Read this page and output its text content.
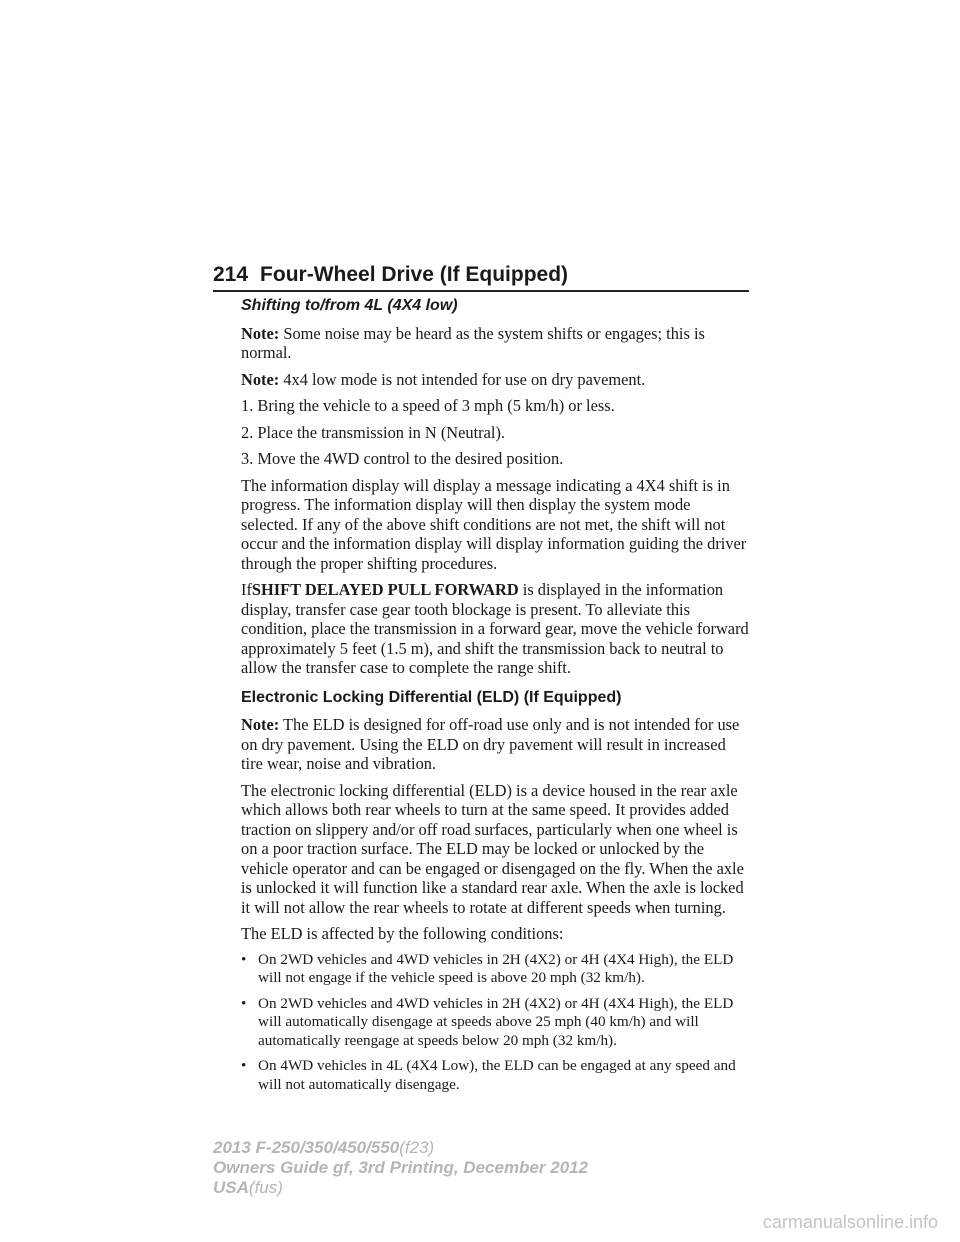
214 Four-Wheel Drive (If Equipped)
Shifting to/from 4L (4X4 low)

Note: Some noise may be heard as the system shifts or engages; this is normal.

Note: 4x4 low mode is not intended for use on dry pavement.

1. Bring the vehicle to a speed of 3 mph (5 km/h) or less.

2. Place the transmission in N (Neutral).

3. Move the 4WD control to the desired position.

The information display will display a message indicating a 4X4 shift is in progress. The information display will then display the system mode selected. If any of the above shift conditions are not met, the shift will not occur and the information display will display information guiding the driver through the proper shifting procedures.

IfSHIFT DELAYED PULL FORWARD is displayed in the information display, transfer case gear tooth blockage is present. To alleviate this condition, place the transmission in a forward gear, move the vehicle forward approximately 5 feet (1.5 m), and shift the transmission back to neutral to allow the transfer case to complete the range shift.

Electronic Locking Differential (ELD) (If Equipped)

Note: The ELD is designed for off-road use only and is not intended for use on dry pavement. Using the ELD on dry pavement will result in increased tire wear, noise and vibration.

The electronic locking differential (ELD) is a device housed in the rear axle which allows both rear wheels to turn at the same speed. It provides added traction on slippery and/or off road surfaces, particularly when one wheel is on a poor traction surface. The ELD may be locked or unlocked by the vehicle operator and can be engaged or disengaged on the fly. When the axle is unlocked it will function like a standard rear axle. When the axle is locked it will not allow the rear wheels to rotate at different speeds when turning.

The ELD is affected by the following conditions:

• On 2WD vehicles and 4WD vehicles in 2H (4X2) or 4H (4X4 High), the ELD will not engage if the vehicle speed is above 20 mph (32 km/h).
• On 2WD vehicles and 4WD vehicles in 2H (4X2) or 4H (4X4 High), the ELD will automatically disengage at speeds above 25 mph (40 km/h) and will automatically reengage at speeds below 20 mph (32 km/h).
• On 4WD vehicles in 4L (4X4 Low), the ELD can be engaged at any speed and will not automatically disengage.
2013 F-250/350/450/550(f23)
Owners Guide gf, 3rd Printing, December 2012
USA(fus)
carmanualsonline.info
